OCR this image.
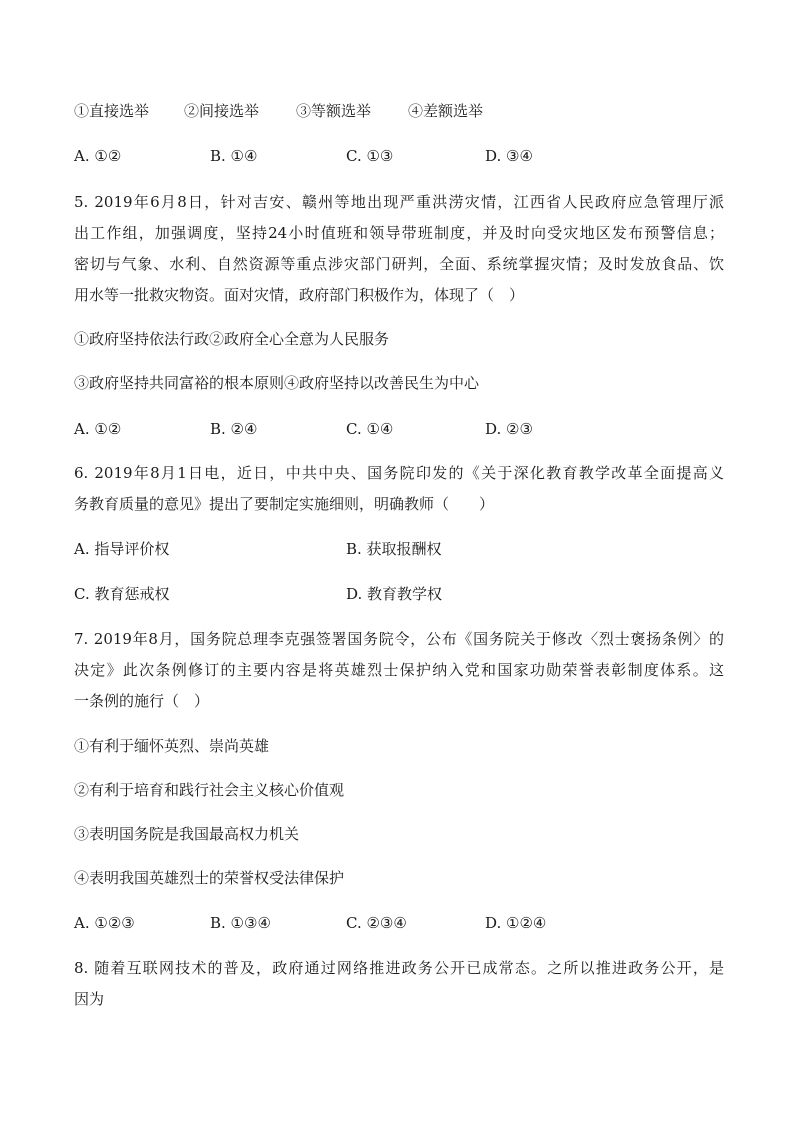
①直接选举 ②间接选举 ③等额选举 ④差额选举
A. ①②	B. ①④	C. ①③	D. ③④
5. 2019年6月8日，针对吉安、赣州等地出现严重洪涝灾情，江西省人民政府应急管理厅派
出工作组，加强调度，坚持24小时值班和领导带班制度，并及时向受灾地区发布预警信息；
密切与气象、水利、自然资源等重点涉灾部门研判，全面、系统掌握灾情；及时发放食品、饮
用水等一批救灾物资。面对灾情，政府部门积极作为，体现了（　）
①政府坚持依法行政②政府全心全意为人民服务
③政府坚持共同富裕的根本原则④政府坚持以改善民生为中心
A. ①②	B. ②④	C. ①④	D. ②③
6. 2019年8月1日电，近日，中共中央、国务院印发的《关于深化教育教学改革全面提高义
务教育质量的意见》提出了要制定实施细则，明确教师（　　）
A. 指导评价权	B. 获取报酬权
C. 教育惩戒权	D. 教育教学权
7. 2019年8月，国务院总理李克强签署国务院令，公布《国务院关于修改〈烈士褒扬条例〉的
决定》此次条例修订的主要内容是将英雄烈士保护纳入党和国家功勋荣誉表彰制度体系。这
一条例的施行（　）
①有利于缅怀英烈、崇尚英雄
②有利于培育和践行社会主义核心价值观
③表明国务院是我国最高权力机关
④表明我国英雄烈士的荣誉权受法律保护
A. ①②③	B. ①③④	C. ②③④	D. ①②④
8. 随着互联网技术的普及，政府通过网络推进政务公开已成常态。之所以推进政务公开，是
因为
